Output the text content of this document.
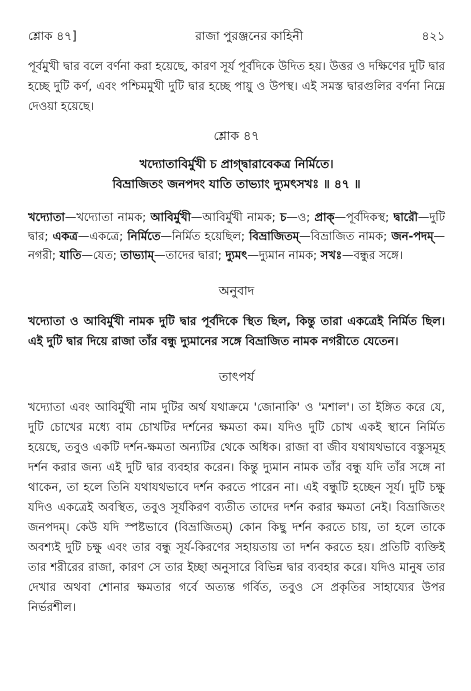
শ্লোক ৪৭]	রাজা পুরঞ্জনের কাহিনী	৪২১

পূর্বমুখী দ্বার বলে বর্ণনা করা হয়েছে, কারণ সূর্য পূর্বদিকে উদিত হয়। উত্তর ও দক্ষিণের দুটি দ্বার হচ্ছে দুটি কর্ণ, এবং পশ্চিমমুখী দুটি দ্বার হচ্ছে পায়ু ও উপস্থ। এই সমস্ত দ্বারগুলির বর্ণনা নিম্নে দেওয়া হয়েছে।

শ্লোক ৪৭

খদ্যোতাবির্মুখী চ প্রাগ্দ্বারাবেকত্র নির্মিতে।

বিভ্রাজিতং জনপদং যাতি তাভ্যাং দ্যুমৎসখঃ ॥ ৪৭ ॥

খদ্যোতা—খদ্যোতা নামক; আবির্মুখী—আবির্মুখী নামক; চ—ও; প্রাক্—পূর্বদিকস্থ; দ্বারৌ—দুটি দ্বার; একত্র—একত্রে; নির্মিতে—নির্মিত হয়েছিল; বিভ্রাজিতম্—বিভ্রাজিত নামক; জন-পদম্—নগরী; যাতি—যেত; তাভ্যাম্—তাদের দ্বারা; দ্যুমৎ—দ্যুমান নামক; সখঃ—বন্ধুর সঙ্গে।
অনুবাদ

খদ্যোতা ও আবির্মুখী নামক দুটি দ্বার পূর্বদিকে স্থিত ছিল, কিন্তু তারা একত্রেই নির্মিত ছিল। এই দুটি দ্বার দিয়ে রাজা তাঁর বন্ধু দ্যুমানের সঙ্গে বিভ্রাজিত নামক নগরীতে যেতেন।

তাৎপর্য

খদ্যোতা এবং আবির্মুখী নাম দুটির অর্থ যথাক্রমে 'জোনাকি' ও 'মশাল'। তা ইঙ্গিত করে যে, দুটি চোখের মধ্যে বাম চোখটির দর্শনের ক্ষমতা কম। যদিও দুটি চোখ একই স্থানে নির্মিত হয়েছে, তবুও একটি দর্শন-ক্ষমতা অন্যটির থেকে অধিক। রাজা বা জীব যথাযথভাবে বস্তুসমূহ দর্শন করার জন্য এই দুটি দ্বার ব্যবহার করেন। কিন্তু দ্যুমান নামক তাঁর বন্ধু যদি তাঁর সঙ্গে না থাকেন, তা হলে তিনি যথাযথভাবে দর্শন করতে পারেন না। এই বন্ধুটি হচ্ছেন সূর্য। দুটি চক্ষু যদিও একত্রেই অবস্থিত, তবুও সূর্যকিরণ ব্যতীত তাদের দর্শন করার ক্ষমতা নেই। বিভ্রাজিতং জনপদম্। কেউ যদি স্পষ্টভাবে (বিভ্রাজিতম্) কোন কিছু দর্শন করতে চায়, তা হলে তাকে অবশ্যই দুটি চক্ষু এবং তার বন্ধু সূর্য-কিরণের সহায়তায় তা দর্শন করতে হয়। প্রতিটি ব্যক্তিই তার শরীরের রাজা, কারণ সে তার ইচ্ছা অনুসারে বিভিন্ন দ্বার ব্যবহার করে। যদিও মানুষ তার দেখার অথবা শোনার ক্ষমতার গর্বে অত্যন্ত গর্বিত, তবুও সে প্রকৃতির সাহায্যের উপর নির্ভরশীল।
